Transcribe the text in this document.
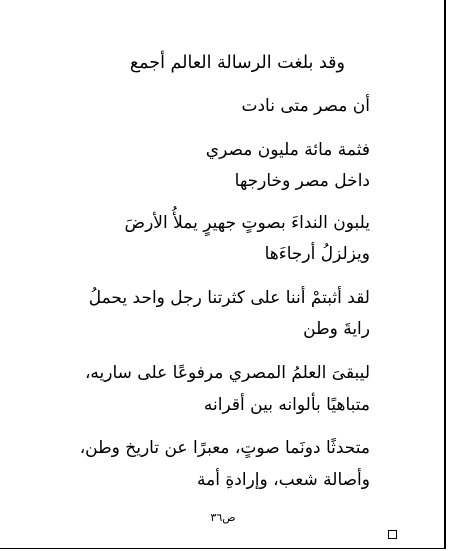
وقد بلغت الرسالة العالم أجمع
أن مصر متى نادت
فثمة مائة مليون مصري
داخل مصر وخارجها
يلبون النداءَ بصوتٍ جهيرٍ يملأُ الأرضَ
ويزلزلُ أرجاءَها
لقد أثبتمْ أننا على كثرتنا رجل واحد يحملُ
رايةَ وطن
ليبقىَ العلمُ المصري مرفوعًا على ساريه،
متباهيًا بألوانه بين أقرانه
متحدثًا دونَما صوتٍ، معبرًا عن تاريخ وطن،
وأصالة شعب، وإرادةِ أمة
ص٣٦
